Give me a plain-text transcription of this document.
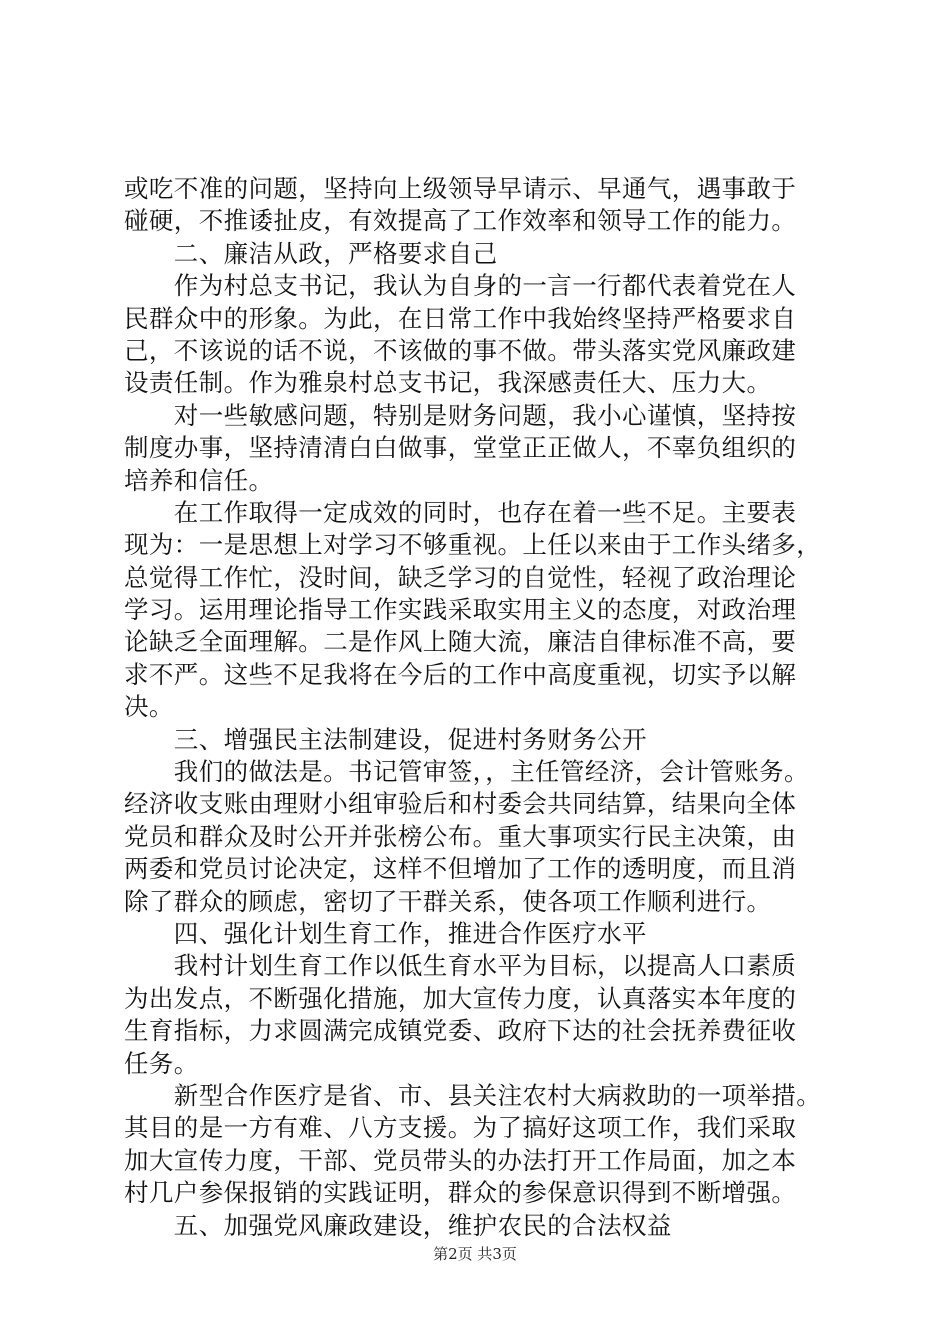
或吃不准的问题，坚持向上级领导早请示、早通气，遇事敢于
碰硬，不推诿扯皮，有效提高了工作效率和领导工作的能力。
　　二、廉洁从政，严格要求自己
　　作为村总支书记，我认为自身的一言一行都代表着党在人
民群众中的形象。为此，在日常工作中我始终坚持严格要求自
己，不该说的话不说，不该做的事不做。带头落实党风廉政建
设责任制。作为雅泉村总支书记，我深感责任大、压力大。
　　对一些敏感问题，特别是财务问题，我小心谨慎，坚持按
制度办事，坚持清清白白做事，堂堂正正做人，不辜负组织的
培养和信任。
　　在工作取得一定成效的同时，也存在着一些不足。主要表
现为：一是思想上对学习不够重视。上任以来由于工作头绪多，
总觉得工作忙，没时间，缺乏学习的自觉性，轻视了政治理论
学习。运用理论指导工作实践采取实用主义的态度，对政治理
论缺乏全面理解。二是作风上随大流，廉洁自律标准不高，要
求不严。这些不足我将在今后的工作中高度重视，切实予以解
决。
　　三、增强民主法制建设，促进村务财务公开
　　我们的做法是。书记管审签，，主任管经济，会计管账务。
经济收支账由理财小组审验后和村委会共同结算，结果向全体
党员和群众及时公开并张榜公布。重大事项实行民主决策，由
两委和党员讨论决定，这样不但增加了工作的透明度，而且消
除了群众的顾虑，密切了干群关系，使各项工作顺利进行。
　　四、强化计划生育工作，推进合作医疗水平
　　我村计划生育工作以低生育水平为目标，以提高人口素质
为出发点，不断强化措施，加大宣传力度，认真落实本年度的
生育指标，力求圆满完成镇党委、政府下达的社会抚养费征收
任务。
　　新型合作医疗是省、市、县关注农村大病救助的一项举措。
其目的是一方有难、八方支援。为了搞好这项工作，我们采取
加大宣传力度，干部、党员带头的办法打开工作局面，加之本
村几户参保报销的实践证明，群众的参保意识得到不断增强。
　　五、加强党风廉政建设，维护农民的合法权益
第2页 共3页
